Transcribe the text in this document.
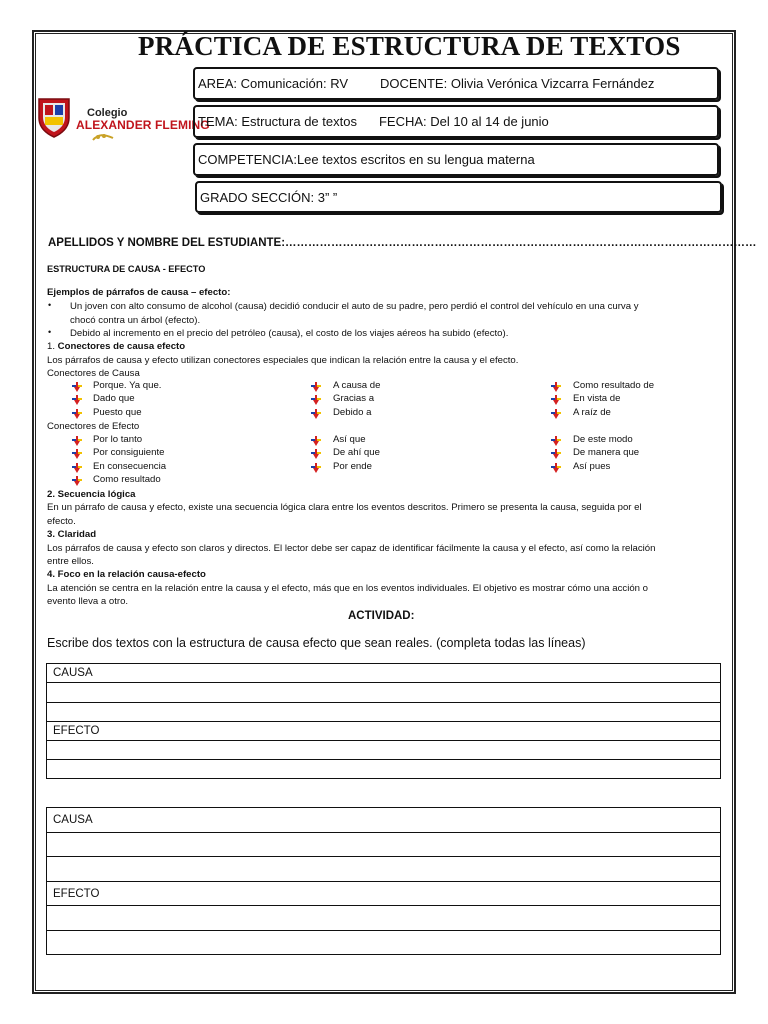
PRÁCTICA DE ESTRUCTURA DE TEXTOS
Colegio
ALEXANDER FLEMING
AREA: Comunicación: RV DOCENTE: Olivia Verónica Vizcarra Fernández
TEMA: Estructura de textos FECHA: Del 10 al 14 de junio
COMPETENCIA:Lee textos escritos en su lengua materna
GRADO SECCIÓN: 3” ”
APELLIDOS Y NOMBRE DEL ESTUDIANTE:……………………………………………………………………………………………………………
ESTRUCTURA DE CAUSA - EFECTO
Ejemplos de párrafos de causa – efecto:
• Un joven con alto consumo de alcohol (causa) decidió conducir el auto de su padre, pero perdió el control del vehículo en una curva y
chocó contra un árbol (efecto).
• Debido al incremento en el precio del petróleo (causa), el costo de los viajes aéreos ha subido (efecto).
1. Conectores de causa efecto
Los párrafos de causa y efecto utilizan conectores especiales que indican la relación entre la causa y el efecto.
Conectores de Causa
Porque. Ya que.	A causa de	Como resultado de
Dado que	Gracias a	En vista de
Puesto que	Debido a	A raíz de
Conectores de Efecto
Por lo tanto	Así que	De este modo
Por consiguiente	De ahí que	De manera que
En consecuencia	Por ende	Así pues
Como resultado
2. Secuencia lógica
En un párrafo de causa y efecto, existe una secuencia lógica clara entre los eventos descritos. Primero se presenta la causa, seguida por el
efecto.
3. Claridad
Los párrafos de causa y efecto son claros y directos. El lector debe ser capaz de identificar fácilmente la causa y el efecto, así como la relación
entre ellos.
4. Foco en la relación causa-efecto
La atención se centra en la relación entre la causa y el efecto, más que en los eventos individuales. El objetivo es mostrar cómo una acción o
evento lleva a otro.
ACTIVIDAD:
Escribe dos textos con la estructura de causa efecto que sean reales. (completa todas las líneas)
CAUSA
EFECTO
CAUSA
EFECTO
